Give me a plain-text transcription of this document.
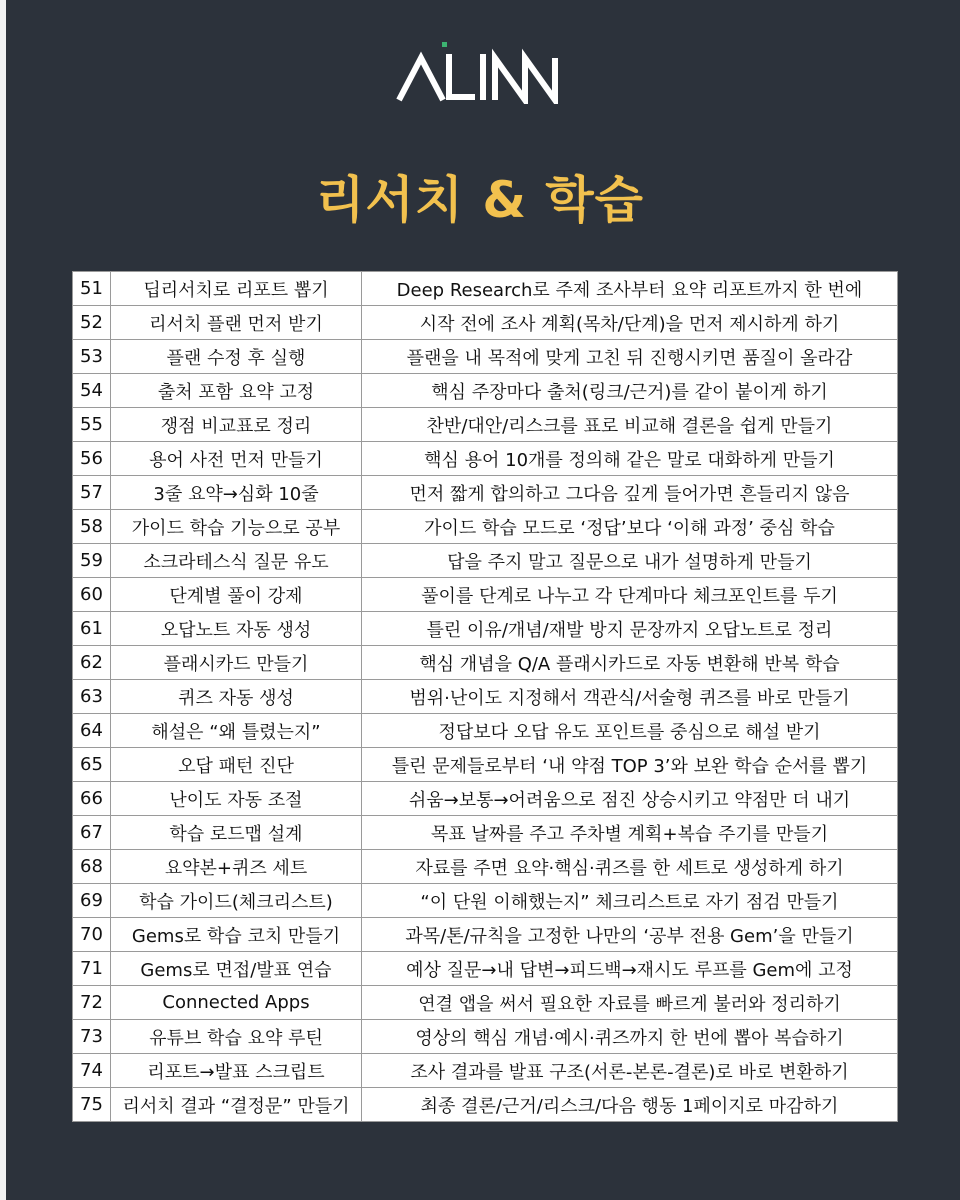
리서치 & 학습
51	딥리서치로 리포트 뽑기	Deep Research로 주제 조사부터 요약 리포트까지 한 번에
52	리서치 플랜 먼저 받기	시작 전에 조사 계획(목차/단계)을 먼저 제시하게 하기
53	플랜 수정 후 실행	플랜을 내 목적에 맞게 고친 뒤 진행시키면 품질이 올라감
54	출처 포함 요약 고정	핵심 주장마다 출처(링크/근거)를 같이 붙이게 하기
55	쟁점 비교표로 정리	찬반/대안/리스크를 표로 비교해 결론을 쉽게 만들기
56	용어 사전 먼저 만들기	핵심 용어 10개를 정의해 같은 말로 대화하게 만들기
57	3줄 요약→심화 10줄	먼저 짧게 합의하고 그다음 깊게 들어가면 흔들리지 않음
58	가이드 학습 기능으로 공부	가이드 학습 모드로 ‘정답’보다 ‘이해 과정’ 중심 학습
59	소크라테스식 질문 유도	답을 주지 말고 질문으로 내가 설명하게 만들기
60	단계별 풀이 강제	풀이를 단계로 나누고 각 단계마다 체크포인트를 두기
61	오답노트 자동 생성	틀린 이유/개념/재발 방지 문장까지 오답노트로 정리
62	플래시카드 만들기	핵심 개념을 Q/A 플래시카드로 자동 변환해 반복 학습
63	퀴즈 자동 생성	범위·난이도 지정해서 객관식/서술형 퀴즈를 바로 만들기
64	해설은 “왜 틀렸는지”	정답보다 오답 유도 포인트를 중심으로 해설 받기
65	오답 패턴 진단	틀린 문제들로부터 ‘내 약점 TOP 3’와 보완 학습 순서를 뽑기
66	난이도 자동 조절	쉬움→보통→어려움으로 점진 상승시키고 약점만 더 내기
67	학습 로드맵 설계	목표 날짜를 주고 주차별 계획+복습 주기를 만들기
68	요약본+퀴즈 세트	자료를 주면 요약·핵심·퀴즈를 한 세트로 생성하게 하기
69	학습 가이드(체크리스트)	“이 단원 이해했는지” 체크리스트로 자기 점검 만들기
70	Gems로 학습 코치 만들기	과목/톤/규칙을 고정한 나만의 ‘공부 전용 Gem’을 만들기
71	Gems로 면접/발표 연습	예상 질문→내 답변→피드백→재시도 루프를 Gem에 고정
72	Connected Apps	연결 앱을 써서 필요한 자료를 빠르게 불러와 정리하기
73	유튜브 학습 요약 루틴	영상의 핵심 개념·예시·퀴즈까지 한 번에 뽑아 복습하기
74	리포트→발표 스크립트	조사 결과를 발표 구조(서론-본론-결론)로 바로 변환하기
75	리서치 결과 “결정문” 만들기	최종 결론/근거/리스크/다음 행동 1페이지로 마감하기
